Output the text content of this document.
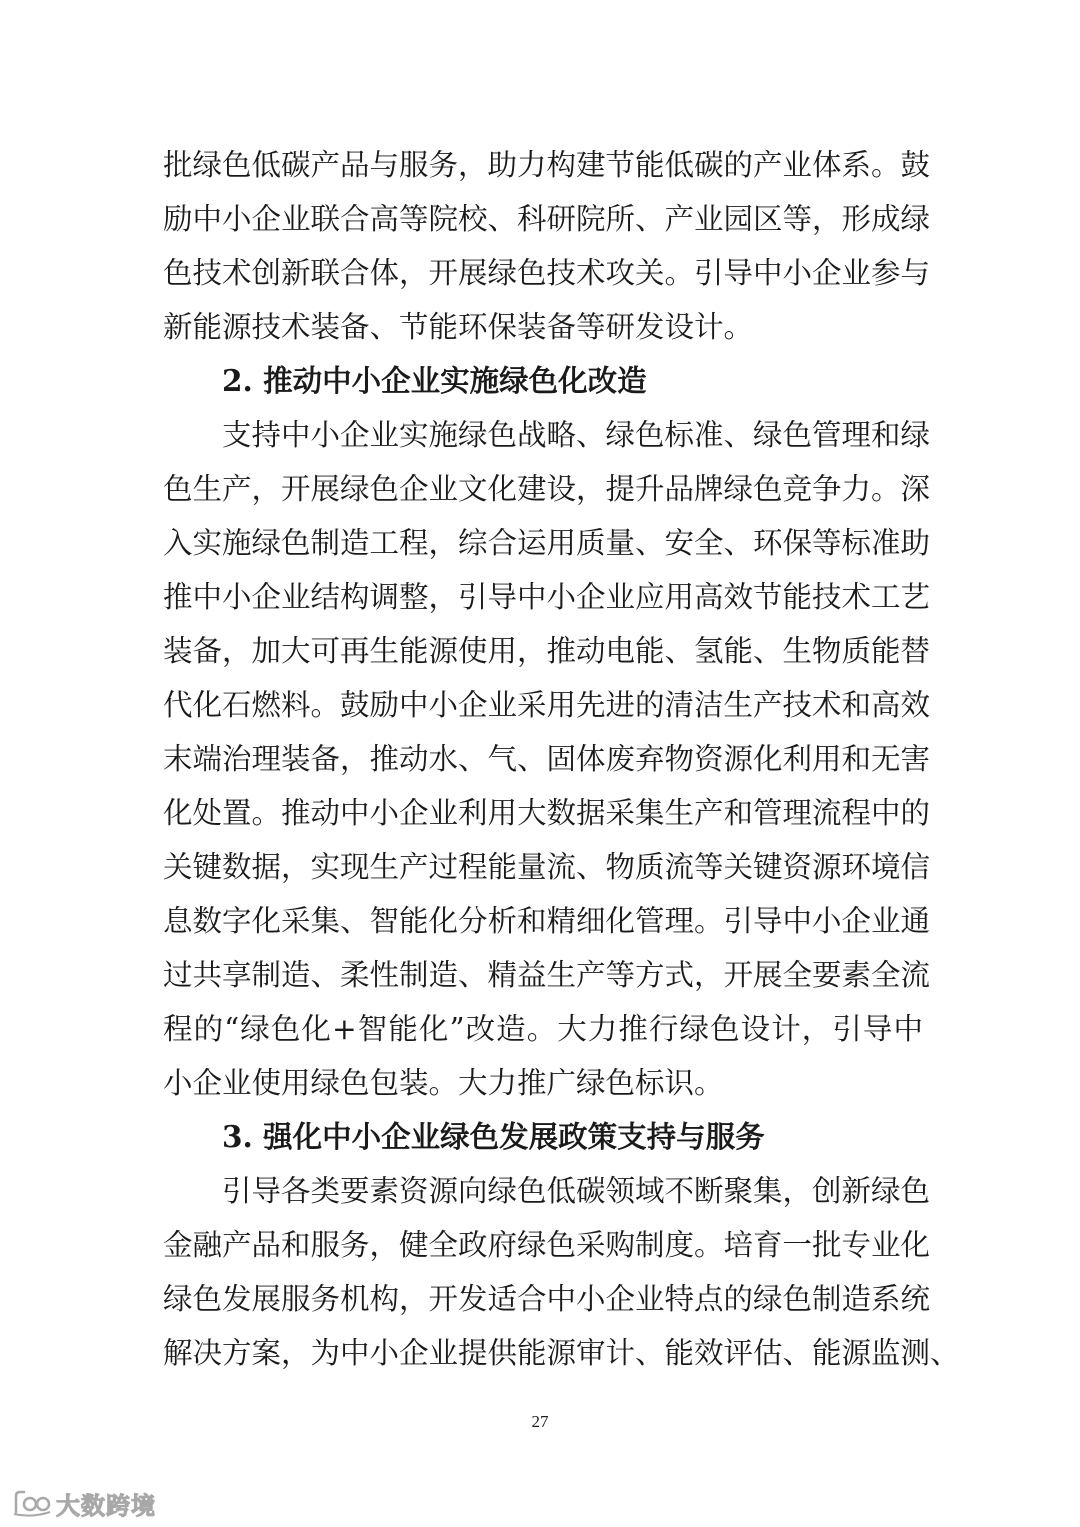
批绿色低碳产品与服务，助力构建节能低碳的产业体系。鼓
励中小企业联合高等院校、科研院所、产业园区等，形成绿
色技术创新联合体，开展绿色技术攻关。引导中小企业参与
新能源技术装备、节能环保装备等研发设计。
2. 推动中小企业实施绿色化改造
支持中小企业实施绿色战略、绿色标准、绿色管理和绿
色生产，开展绿色企业文化建设，提升品牌绿色竞争力。深
入实施绿色制造工程，综合运用质量、安全、环保等标准助
推中小企业结构调整，引导中小企业应用高效节能技术工艺
装备，加大可再生能源使用，推动电能、氢能、生物质能替
代化石燃料。鼓励中小企业采用先进的清洁生产技术和高效
末端治理装备，推动水、气、固体废弃物资源化利用和无害
化处置。推动中小企业利用大数据采集生产和管理流程中的
关键数据，实现生产过程能量流、物质流等关键资源环境信
息数字化采集、智能化分析和精细化管理。引导中小企业通
过共享制造、柔性制造、精益生产等方式，开展全要素全流
程的“绿色化+智能化”改造。大力推行绿色设计，引导中
小企业使用绿色包装。大力推广绿色标识。
3. 强化中小企业绿色发展政策支持与服务
引导各类要素资源向绿色低碳领域不断聚集，创新绿色
金融产品和服务，健全政府绿色采购制度。培育一批专业化
绿色发展服务机构，开发适合中小企业特点的绿色制造系统
解决方案，为中小企业提供能源审计、能效评估、能源监测、
27
大数跨境
